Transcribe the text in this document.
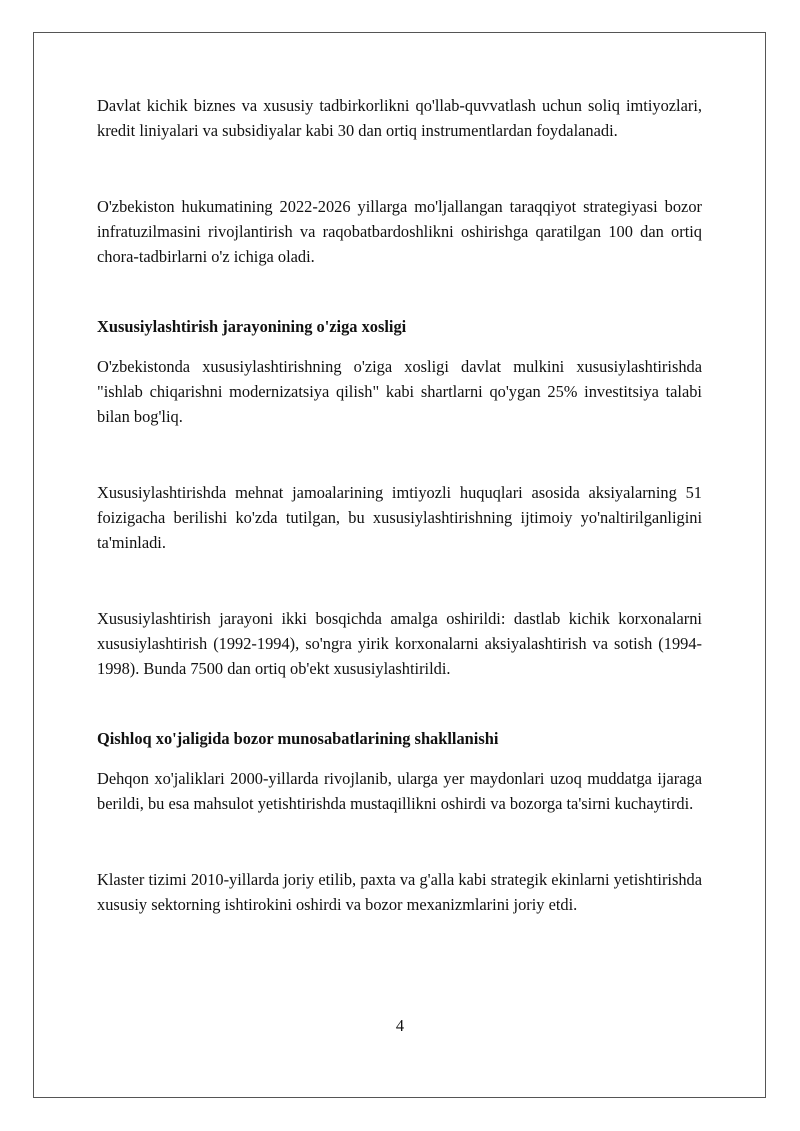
Davlat kichik biznes va xususiy tadbirkorlikni qo'llab-quvvatlash uchun soliq imtiyozlari, kredit liniyalari va subsidiyalar kabi 30 dan ortiq instrumentlardan foydalanadi.

O'zbekiston hukumatining 2022-2026 yillarga mo'ljallangan taraqqiyot strategiyasi bozor infratuzilmasini rivojlantirish va raqobatbardoshlikni oshirishga qaratilgan 100 dan ortiq chora-tadbirlarni o'z ichiga oladi.

Xususiylashtirish jarayonining o'ziga xosligi

O'zbekistonda xususiylashtirishning o'ziga xosligi davlat mulkini xususiylashtirishda "ishlab chiqarishni modernizatsiya qilish" kabi shartlarni qo'ygan 25% investitsiya talabi bilan bog'liq.

Xususiylashtirishda mehnat jamoalarining imtiyozli huquqlari asosida aksiyalarning 51 foizigacha berilishi ko'zda tutilgan, bu xususiylashtirishning ijtimoiy yo'naltirilganligini ta'minladi.

Xususiylashtirish jarayoni ikki bosqichda amalga oshirildi: dastlab kichik korxonalarni xususiylashtirish (1992-1994), so'ngra yirik korxonalarni aksiyalashtirish va sotish (1994-1998). Bunda 7500 dan ortiq ob'ekt xususiylashtirildi.

Qishloq xo'jaligida bozor munosabatlarining shakllanishi

Dehqon xo'jaliklari 2000-yillarda rivojlanib, ularga yer maydonlari uzoq muddatga ijaraga berildi, bu esa mahsulot yetishtirishda mustaqillikni oshirdi va bozorga ta'sirni kuchaytirdi.

Klaster tizimi 2010-yillarda joriy etilib, paxta va g'alla kabi strategik ekinlarni yetishtirishda xususiy sektorning ishtirokini oshirdi va bozor mexanizmlarini joriy etdi.

4
